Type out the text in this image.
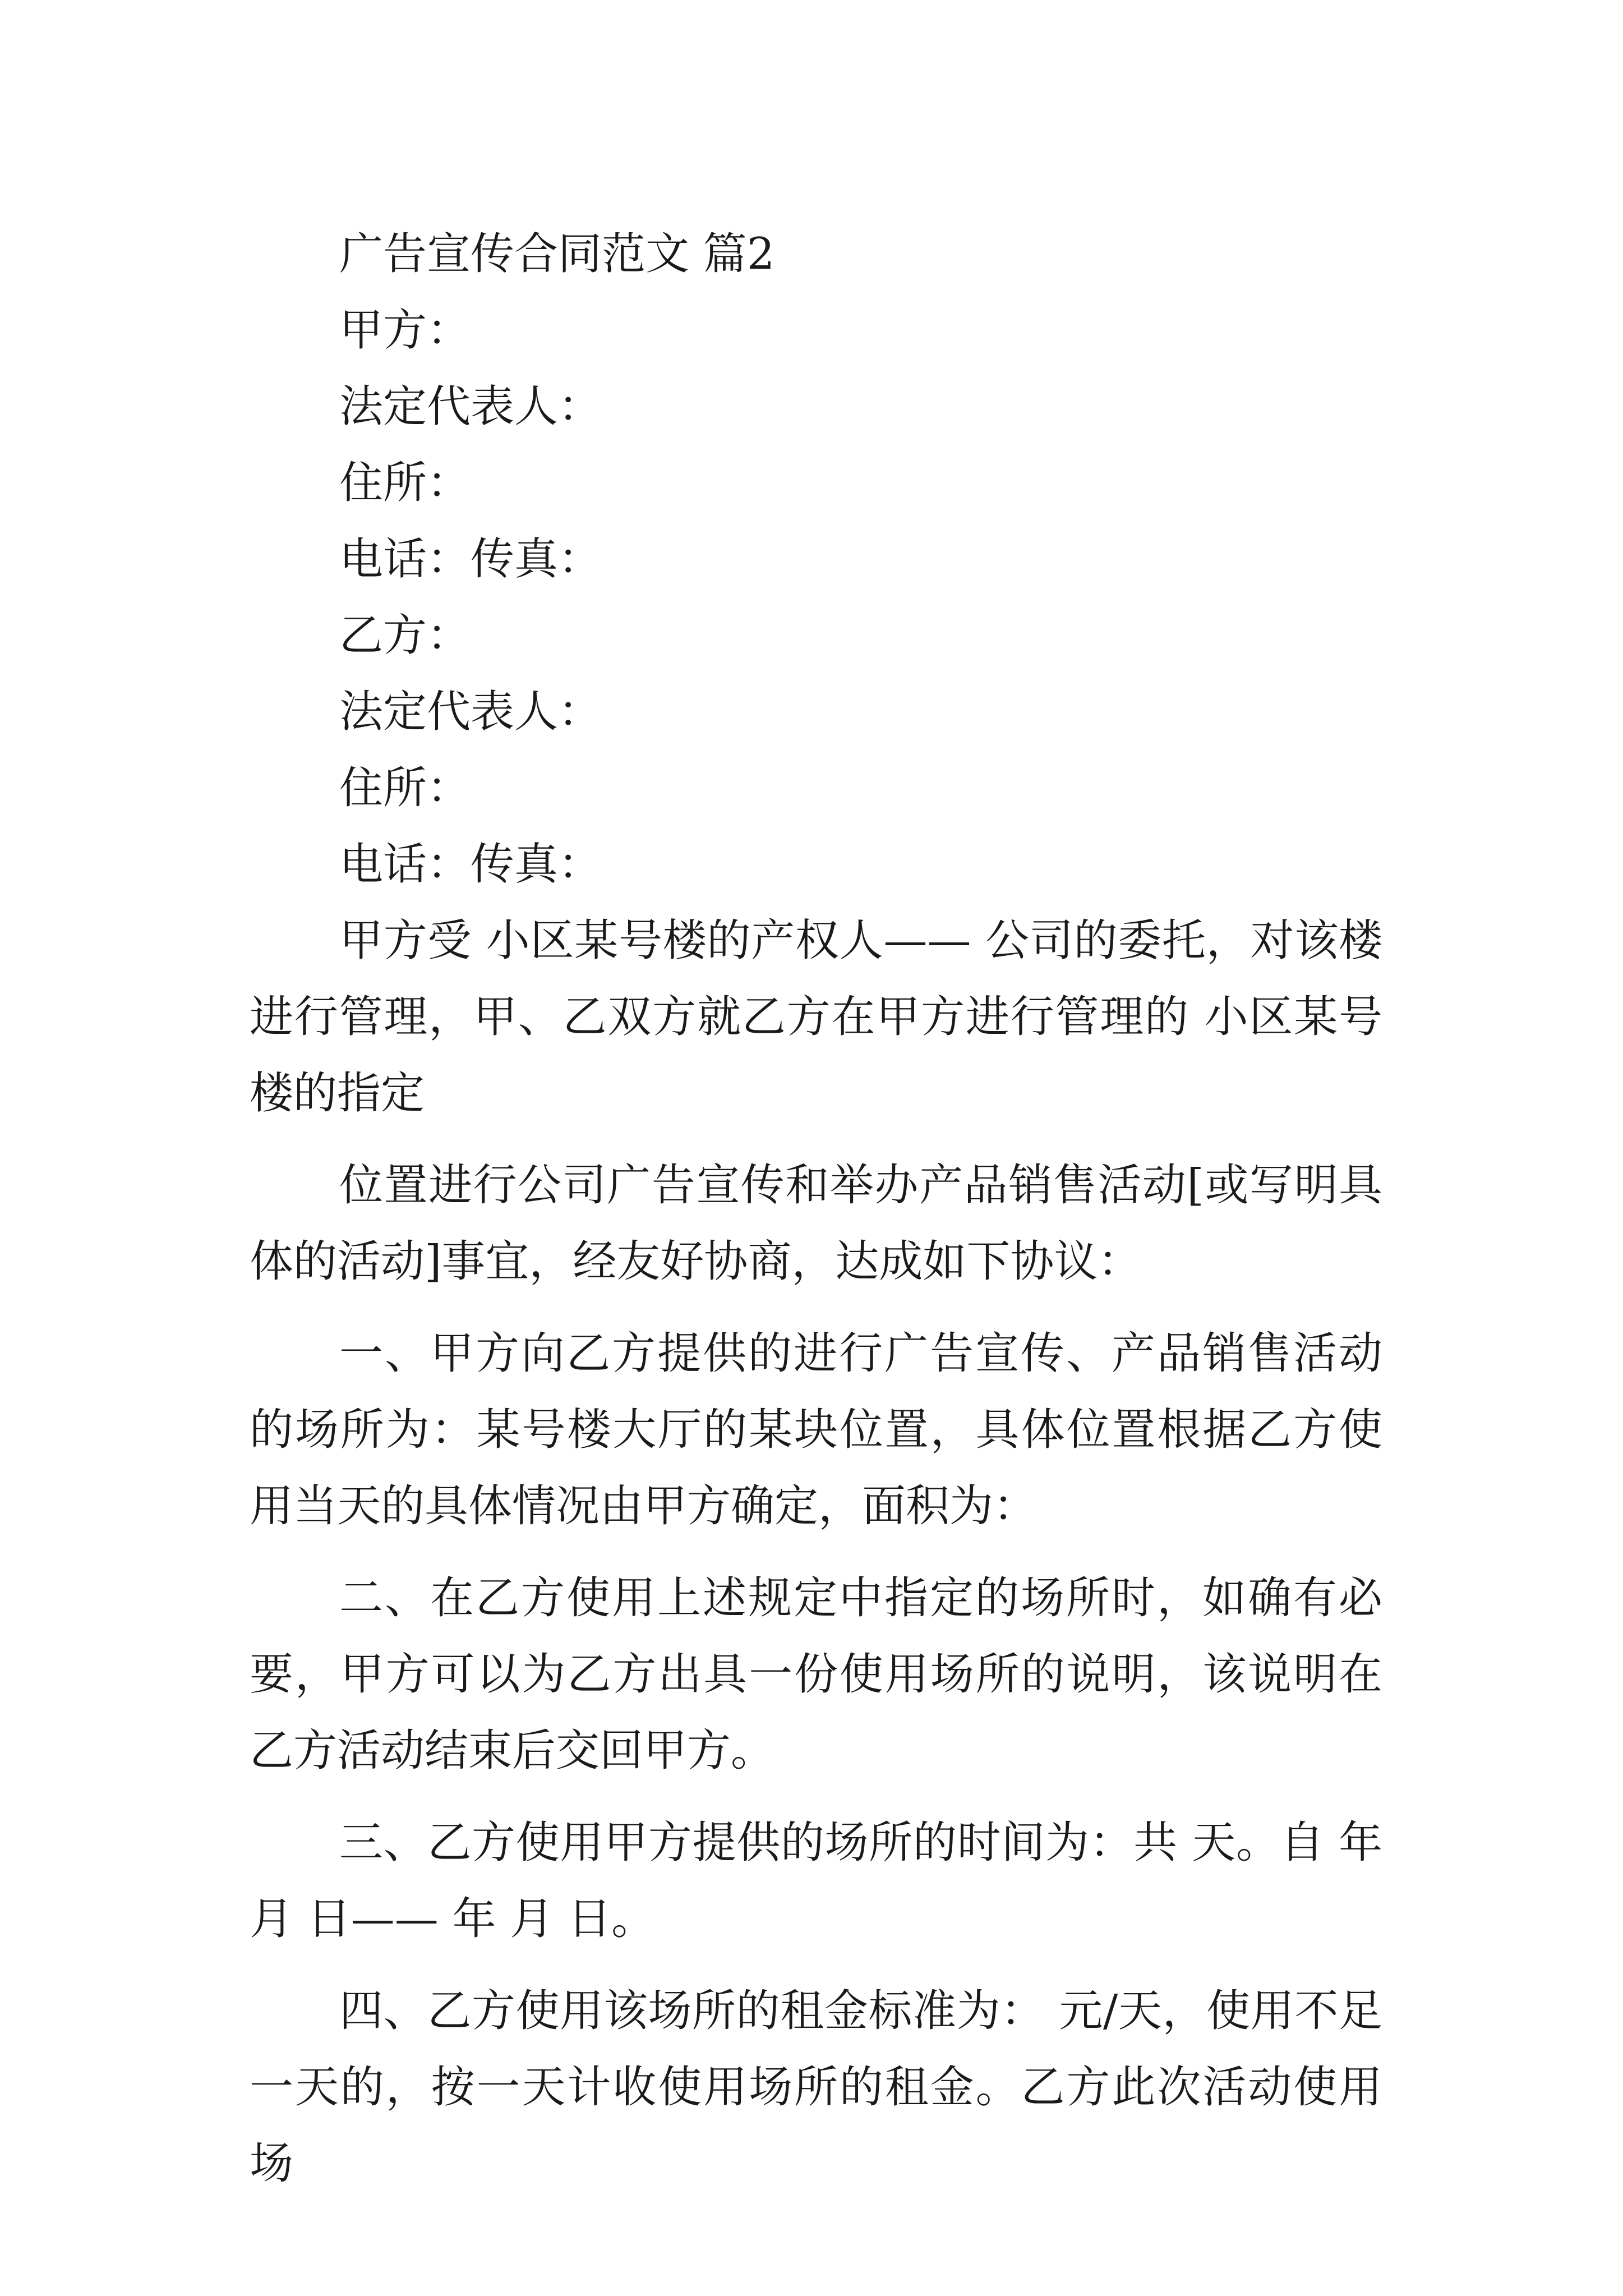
广告宣传合同范文 篇2

甲方：

法定代表人：

住所：

电话：传真：

乙方：

法定代表人：

住所：

电话：传真：

甲方受 小区某号楼的产权人—— 公司的委托，对该楼进行管理，甲、乙双方就乙方在甲方进行管理的 小区某号楼的指定

位置进行公司广告宣传和举办产品销售活动[或写明具体的活动]事宜，经友好协商，达成如下协议：

一、甲方向乙方提供的进行广告宣传、产品销售活动的场所为：某号楼大厅的某块位置，具体位置根据乙方使用当天的具体情况由甲方确定，面积为：

二、在乙方使用上述规定中指定的场所时，如确有必要，甲方可以为乙方出具一份使用场所的说明，该说明在乙方活动结束后交回甲方。

三、乙方使用甲方提供的场所的时间为：共 天。自 年 月 日—— 年 月 日。

四、乙方使用该场所的租金标准为： 元/天，使用不足一天的，按一天计收使用场所的租金。乙方此次活动使用场
